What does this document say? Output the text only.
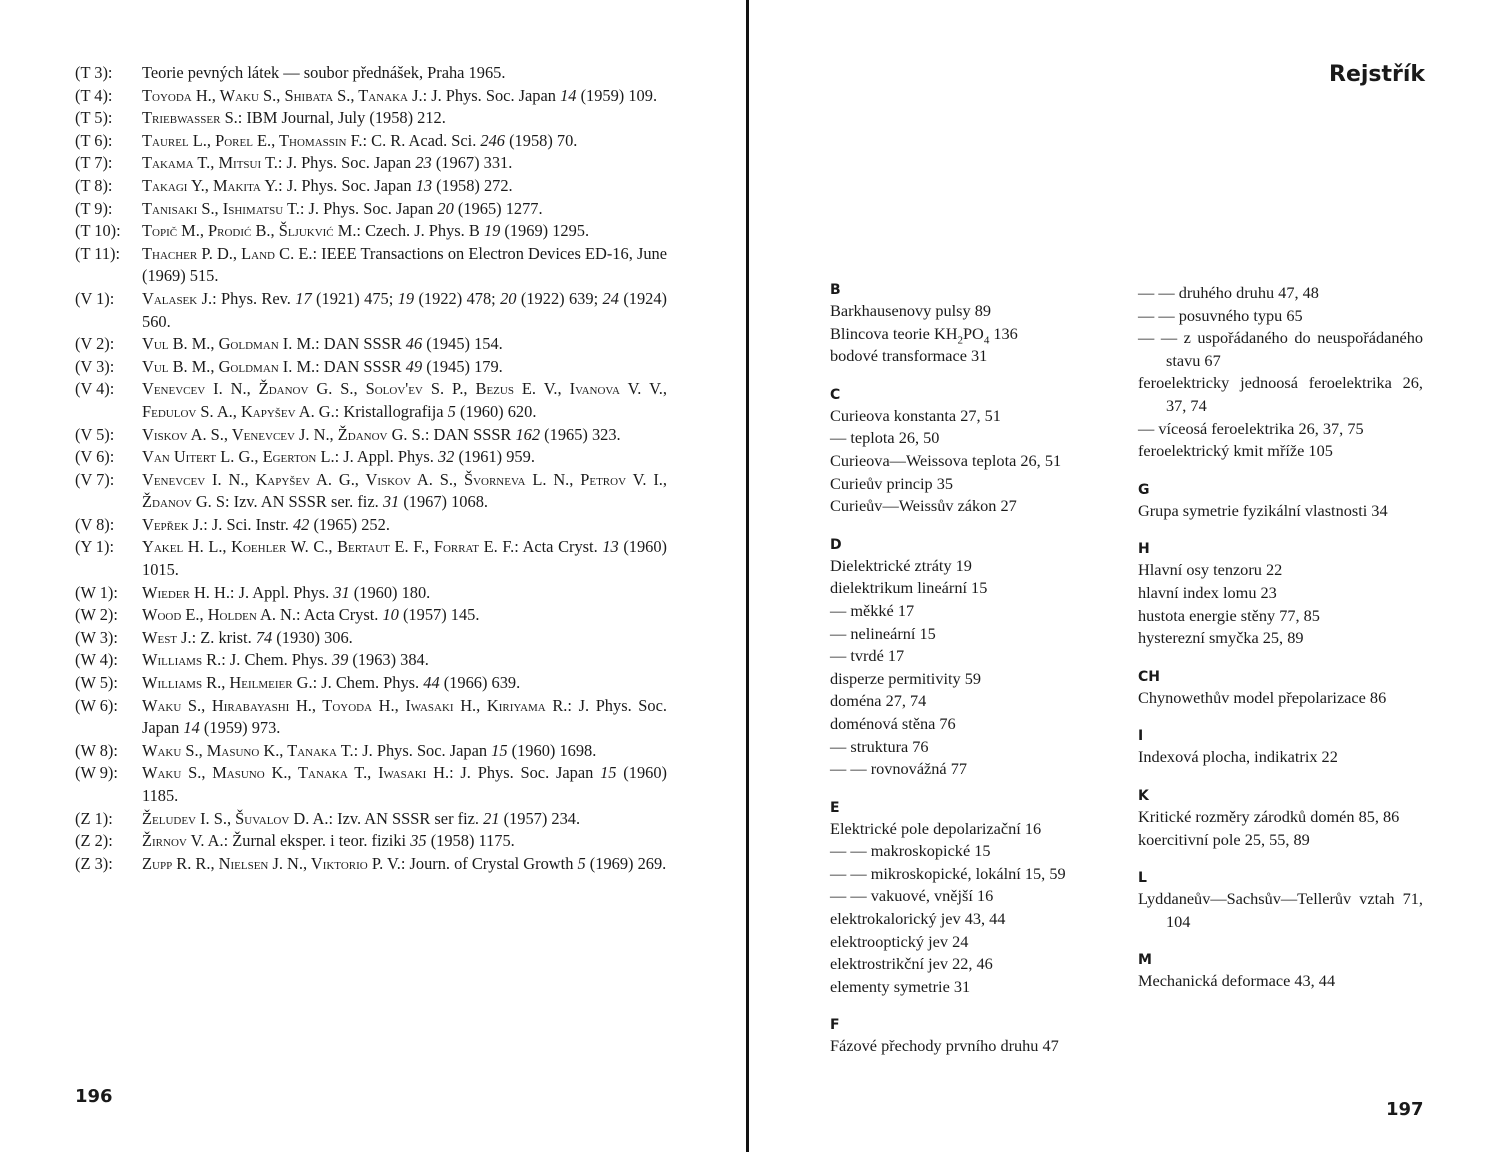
(T 3): Teorie pevných látek — soubor přednášek, Praha 1965.
(T 4): Toyoda H., Waku S., Shibata S., Tanaka J.: J. Phys. Soc. Japan 14 (1959) 109.
(T 5): Triebwasser S.: IBM Journal, July (1958) 212.
(T 6): Taurel L., Porel E., Thomassin F.: C. R. Acad. Sci. 246 (1958) 70.
(T 7): Takama T., Mitsui T.: J. Phys. Soc. Japan 23 (1967) 331.
(T 8): Takagi Y., Makita Y.: J. Phys. Soc. Japan 13 (1958) 272.
(T 9): Tanisaki S., Ishimatsu T.: J. Phys. Soc. Japan 20 (1965) 1277.
(T 10): Topič M., Prodić B., Šljukvić M.: Czech. J. Phys. B 19 (1969) 1295.
(T 11): Thacher P. D., Land C. E.: IEEE Transactions on Electron Devices ED-16, June (1969) 515.
(V 1): Valasek J.: Phys. Rev. 17 (1921) 475; 19 (1922) 478; 20 (1922) 639; 24 (1924) 560.
(V 2): Vul B. M., Goldman I. M.: DAN SSSR 46 (1945) 154.
(V 3): Vul B. M., Goldman I. M.: DAN SSSR 49 (1945) 179.
(V 4): Venevcev I. N., Ždanov G. S., Solov'ev S. P., Bezus E. V., Ivanova V. V., Fedulov S. A., Kapyšev A. G.: Kristallografija 5 (1960) 620.
(V 5): Viskov A. S., Venevcev J. N., Ždanov G. S.: DAN SSSR 162 (1965) 323.
(V 6): Van Uitert L. G., Egerton L.: J. Appl. Phys. 32 (1961) 959.
(V 7): Venevcev I. N., Kapyšev A. G., Viskov A. S., Švorneva L. N., Petrov V. I., Ždanov G. S: Izv. AN SSSR ser. fiz. 31 (1967) 1068.
(V 8): Vepřek J.: J. Sci. Instr. 42 (1965) 252.
(Y 1): Yakel H. L., Koehler W. C., Bertaut E. F., Forrat E. F.: Acta Cryst. 13 (1960) 1015.
(W 1): Wieder H. H.: J. Appl. Phys. 31 (1960) 180.
(W 2): Wood E., Holden A. N.: Acta Cryst. 10 (1957) 145.
(W 3): West J.: Z. krist. 74 (1930) 306.
(W 4): Williams R.: J. Chem. Phys. 39 (1963) 384.
(W 5): Williams R., Heilmeier G.: J. Chem. Phys. 44 (1966) 639.
(W 6): Waku S., Hirabayashi H., Toyoda H., Iwasaki H., Kiriyama R.: J. Phys. Soc. Japan 14 (1959) 973.
(W 8): Waku S., Masuno K., Tanaka T.: J. Phys. Soc. Japan 15 (1960) 1698.
(W 9): Waku S., Masuno K., Tanaka T., Iwasaki H.: J. Phys. Soc. Japan 15 (1960) 1185.
(Z 1): Želudev I. S., Šuvalov D. A.: Izv. AN SSSR ser fiz. 21 (1957) 234.
(Z 2): Žirnov V. A.: Žurnal eksper. i teor. fiziki 35 (1958) 1175.
(Z 3): Zupp R. R., Nielsen J. N., Viktorio P. V.: Journ. of Crystal Growth 5 (1969) 269.
196
Rejstřík
B
Barkhausenovy pulsy 89
Blincova teorie $KH_2PO_4$ 136
bodové transformace 31
C
Curieova konstanta 27, 51
— teplota 26, 50
Curieova—Weissova teplota 26, 51
Curieův princip 35
Curieův—Weissův zákon 27
D
Dielektrické ztráty 19
dielektrikum lineární 15
— měkké 17
— nelineární 15
— tvrdé 17
disperze permitivity 59
doména 27, 74
doménová stěna 76
— struktura 76
— — rovnovážná 77
E
Elektrické pole depolarizační 16
— — makroskopické 15
— — mikroskopické, lokální 15, 59
— — vakuové, vnější 16
elektrokalorický jev 43, 44
elektrooptický jev 24
elektrostrikční jev 22, 46
elementy symetrie 31
F
Fázové přechody prvního druhu 47
— — druhého druhu 47, 48
— — posuvného typu 65
— — z uspořádaného do neuspořádaného stavu 67
feroelektricky jednoosá feroelektrika 26, 37, 74
— víceosá feroelektrika 26, 37, 75
feroelektrický kmit mříže 105
G
Grupa symetrie fyzikální vlastnosti 34
H
Hlavní osy tenzoru 22
hlavní index lomu 23
hustota energie stěny 77, 85
hysterezní smyčka 25, 89
CH
Chynowethův model přepolarizace 86
I
Indexová plocha, indikatrix 22
K
Kritické rozměry zárodků domén 85, 86
koercitivní pole 25, 55, 89
L
Lyddaneův—Sachsův—Tellerův vztah 71, 104
M
Mechanická deformace 43, 44
197
